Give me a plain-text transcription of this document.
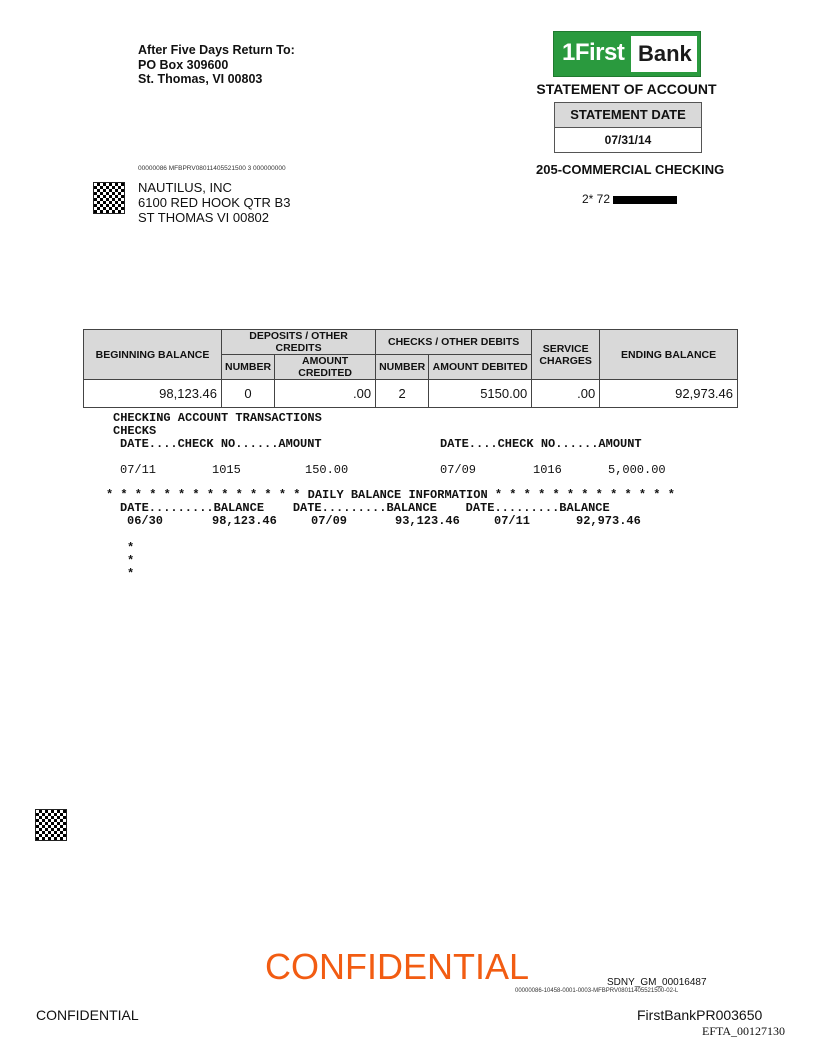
After Five Days Return To:
PO Box 309600
St. Thomas, VI 00803
1First Bank
STATEMENT OF ACCOUNT
STATEMENT DATE
07/31/14
205-COMMERCIAL CHECKING
2* 72
00000086 MFBPRV08011405521500 3 000000000
NAUTILUS, INC
6100 RED HOOK QTR B3
ST THOMAS VI 00802
BEGINNING BALANCE	DEPOSITS / OTHER CREDITS		CHECKS / OTHER DEBITS		SERVICE CHARGES	ENDING BALANCE
	NUMBER	AMOUNT CREDITED	NUMBER	AMOUNT DEBITED		
98,123.46	0	.00	2	5150.00	.00	92,973.46
CHECKING ACCOUNT TRANSACTIONS
CHECKS
DATE....CHECK NO......AMOUNT	DATE....CHECK NO......AMOUNT
07/11	1015	150.00	07/09	1016	5,000.00
* * * * * * * * * * * * * * DAILY BALANCE INFORMATION * * * * * * * * * * * * *
DATE.........BALANCE    DATE.........BALANCE    DATE.........BALANCE
06/30	98,123.46	07/09	93,123.46	07/11	92,973.46
*
*
*
CONFIDENTIAL	SDNY_GM_00016487
00000086-10458-0001-0003-MFBPRV08011405521500-02-L
CONFIDENTIAL	FirstBankPR003650
EFTA_00127130
